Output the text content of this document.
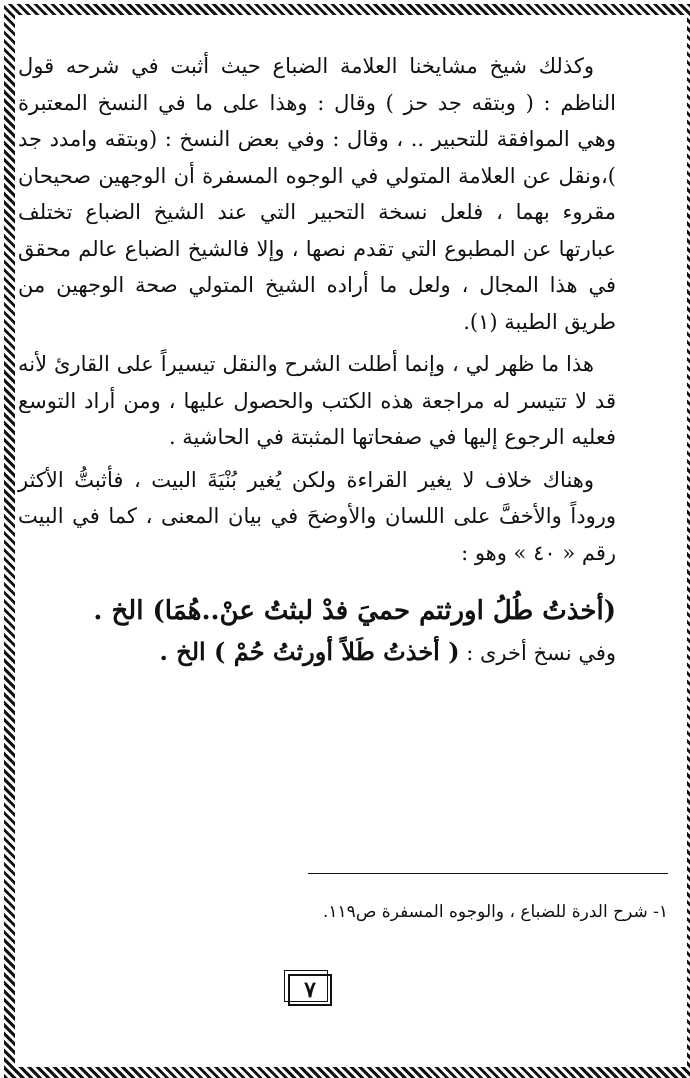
وكذلك شيخ مشايخنا العلامة الضباع حيث أثبت في شرحه قول الناظم : ( وبتقه جد حز ) وقال : وهذا على ما في النسخ المعتبرة وهي الموافقة للتحبير .. ، وقال : وفي بعض النسخ : (وبتقه وامدد جد )،ونقل عن العلامة المتولي في الوجوه المسفرة أن الوجهين صحيحان مقروء بهما ، فلعل نسخة التحبير التي عند الشيخ الضباع تختلف عبارتها عن المطبوع التي تقدم نصها ، وإلا فالشيخ الضباع عالم محقق في هذا المجال ، ولعل ما أراده الشيخ المتولي صحة الوجهين من طريق الطيبة (١).

هذا ما ظهر لي ، وإنما أطلت الشرح والنقل تيسيراً على القارئ لأنه قد لا تتيسر له مراجعة هذه الكتب والحصول عليها ، ومن أراد التوسع فعليه الرجوع إليها في صفحاتها المثبتة في الحاشية .

وهناك خلاف لا يغير القراءة ولكن يُغير بُنْيَةَ البيت ، فأثبتُّ الأكثر وروداً والأخفَّ على اللسان والأوضحَ في بيان المعنى ، كما في البيت رقم « ٤٠ » وهو :

(أخذتُ طُلُ اورثتم حميَ فدْ لبثتُ عنْ..هُمَا) الخ .

وفي نسخ أخرى : ( أخذتُ طَلاً أورثتُ حُمْ ) الخ .

١- شرح الدرة للضباع ، والوجوه المسفرة ص١١٩.
٧
